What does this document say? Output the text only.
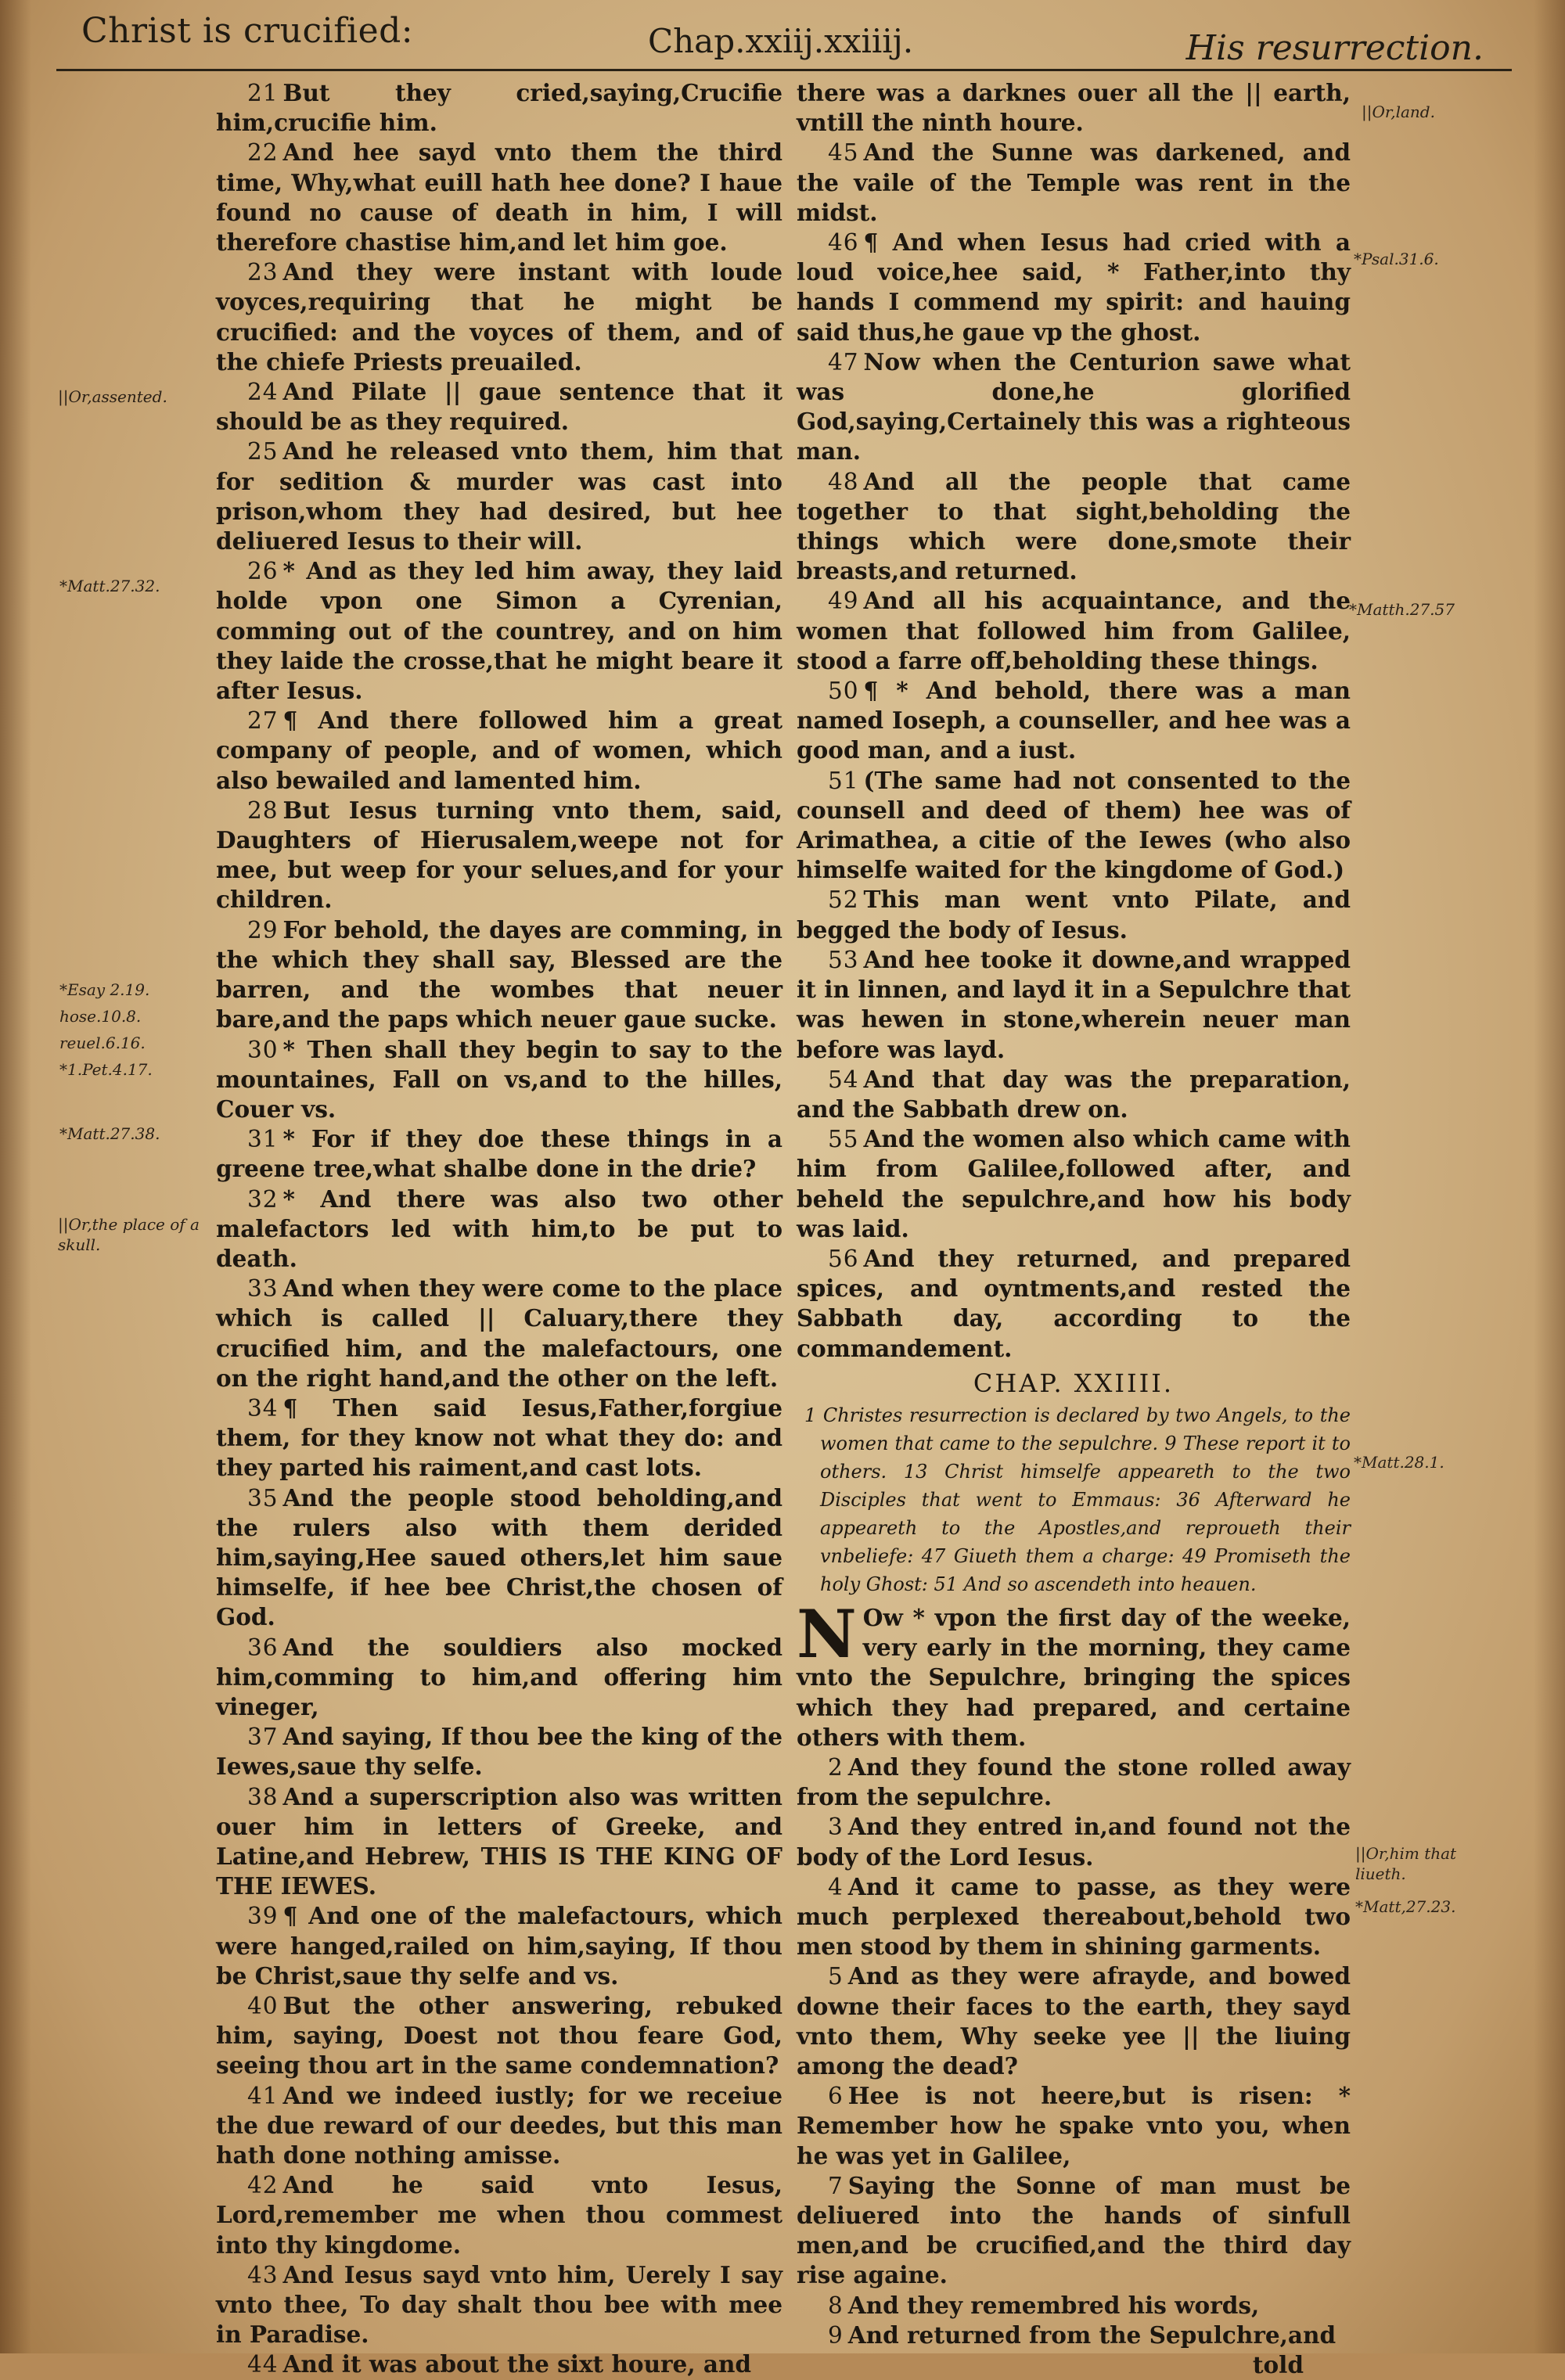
Christ is crucified:	Chap.xxiij.xxiiij.	His resurrection.

21 But they cried,saying,Crucifie him,crucifie him.

22 And hee sayd vnto them the third time, Why,what euill hath hee done? I haue found no cause of death in him, I will therefore chastise him,and let him goe.

23 And they were instant with loude voyces,requiring that he might be crucified: and the voyces of them, and of the chiefe Priests preuailed.

24 And Pilate || gaue sentence that it should be as they required.

25 And he released vnto them, him that for sedition & murder was cast into prison,whom they had desired, but hee deliuered Iesus to their will.

26 * And as they led him away, they laid holde vpon one Simon a Cyrenian, comming out of the countrey, and on him they laide the crosse,that he might beare it after Iesus.

27 ¶ And there followed him a great company of people, and of women, which also bewailed and lamented him.

28 But Iesus turning vnto them, said, Daughters of Hierusalem,weepe not for mee, but weep for your selues,and for your children.

29 For behold, the dayes are comming, in the which they shall say, Blessed are the barren, and the wombes that neuer bare,and the paps which neuer gaue sucke.

30 * Then shall they begin to say to the mountaines, Fall on vs,and to the hilles, Couer vs.

31 * For if they doe these things in a greene tree,what shalbe done in the drie?

32 * And there was also two other malefactors led with him,to be put to death.

33 And when they were come to the place which is called || Caluary,there they crucified him, and the malefactours, one on the right hand,and the other on the left.

34 ¶ Then said Iesus,Father,forgiue them, for they know not what they do: and they parted his raiment,and cast lots.

35 And the people stood beholding,and the rulers also with them derided him,saying,Hee saued others,let him saue himselfe, if hee bee Christ,the chosen of God.

36 And the souldiers also mocked him,comming to him,and offering him vineger,

37 And saying, If thou bee the king of the Iewes,saue thy selfe.

38 And a superscription also was written ouer him in letters of Greeke, and Latine,and Hebrew, THIS IS THE KING OF THE IEWES.

39 ¶ And one of the malefactours, which were hanged,railed on him,saying, If thou be Christ,saue thy selfe and vs.

40 But the other answering, rebuked him, saying, Doest not thou feare God, seeing thou art in the same condemnation?

41 And we indeed iustly; for we receiue the due reward of our deedes, but this man hath done nothing amisse.

42 And he said vnto Iesus, Lord,remember me when thou commest into thy kingdome.

43 And Iesus sayd vnto him, Uerely I say vnto thee, To day shalt thou bee with mee in Paradise.

44 And it was about the sixt houre, and

there was a darknes ouer all the || earth, vntill the ninth houre.

45 And the Sunne was darkened, and the vaile of the Temple was rent in the midst.

46 ¶ And when Iesus had cried with a loud voice,hee said, * Father,into thy hands I commend my spirit: and hauing said thus,he gaue vp the ghost.

47 Now when the Centurion sawe what was done,he glorified God,saying,Certainely this was a righteous man.

48 And all the people that came together to that sight,beholding the things which were done,smote their breasts,and returned.

49 And all his acquaintance, and the women that followed him from Galilee, stood a farre off,beholding these things.

50 ¶ * And behold, there was a man named Ioseph, a counseller, and hee was a good man, and a iust.

51 (The same had not consented to the counsell and deed of them) hee was of Arimathea, a citie of the Iewes (who also himselfe waited for the kingdome of God.)

52 This man went vnto Pilate, and begged the body of Iesus.

53 And hee tooke it downe,and wrapped it in linnen, and layd it in a Sepulchre that was hewen in stone,wherein neuer man before was layd.

54 And that day was the preparation, and the Sabbath drew on.

55 And the women also which came with him from Galilee,followed after, and beheld the sepulchre,and how his body was laid.

56 And they returned, and prepared spices, and oyntments,and rested the Sabbath day, according to the commandement.

CHAP. XXIIII.

1 Christes resurrection is declared by two Angels, to the women that came to the sepulchre. 9 These report it to others. 13 Christ himselfe appeareth to the two Disciples that went to Emmaus: 36 Afterward he appeareth to the Apostles,and reproueth their vnbeliefe: 47 Giueth them a charge: 49 Promiseth the holy Ghost: 51 And so ascendeth into heauen.

N Ow * vpon the first day of the weeke, very early in the morning, they came vnto the Sepulchre, bringing the spices which they had prepared, and certaine others with them.

2 And they found the stone rolled away from the sepulchre.

3 And they entred in,and found not the body of the Lord Iesus.

4 And it came to passe, as they were much perplexed thereabout,behold two men stood by them in shining garments.

5 And as they were afrayde, and bowed downe their faces to the earth, they sayd vnto them, Why seeke yee || the liuing among the dead?

6 Hee is not heere,but is risen: * Remember how he spake vnto you, when he was yet in Galilee,

7 Saying the Sonne of man must be deliuered into the hands of sinfull men,and be crucified,and the third day rise againe.

8 And they remembred his words,

9 And returned from the Sepulchre,and

told

||Or,assented.
*Matt.27.32.
*Esay 2.19.
hose.10.8.
reuel.6.16.
*1.Pet.4.17.
*Matt.27.38.
||Or,the place of a skull.
||Or,land.
*Psal.31.6.
*Matth.27.57
*Matt.28.1.
||Or,him that liueth.
*Matt,27.23.
